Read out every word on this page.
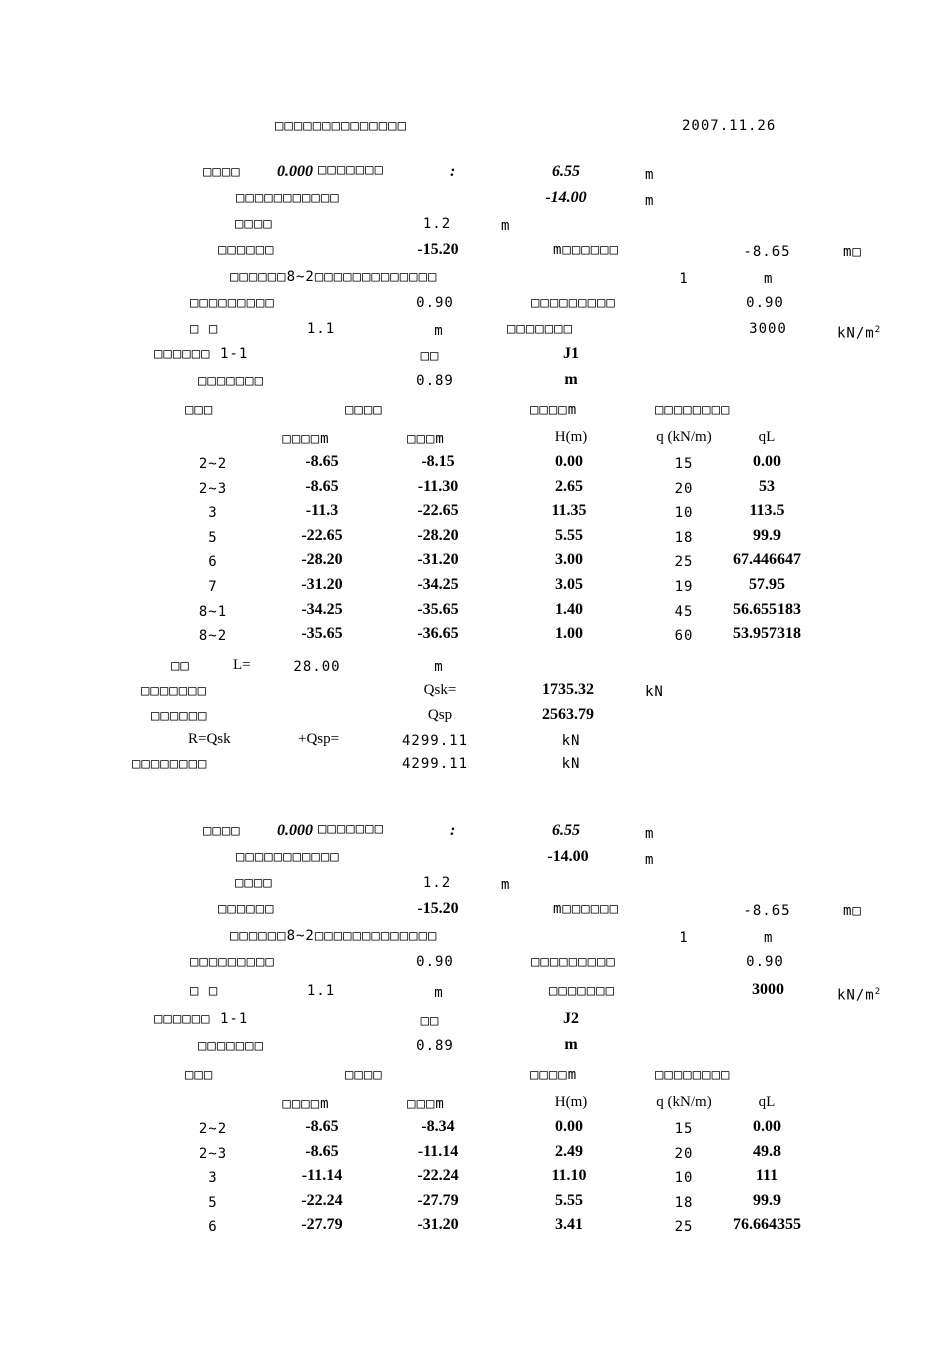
□□□□□□□□□□□□□□	2007.11.26
□□□□ 0.000 □□□□□□□	:	6.55	m
□□□□□□□□□□□	-14.00	m
□□□□	1.2	m
□□□□□□	-15.20	m□□□□□□	-8.65	m□
□□□□□□8~2□□□□□□□□□□□□□	1	m
□□□□□□□□□	0.90	□□□□□□□□□	0.90
□ □	1.1	m	□□□□□□□	3000	$kN/m^2$
□□□□□□ 1-1	□□	J1
□□□□□□□	0.89	m
□□□	□□□□	□□□□m	□□□□□□□□
□□□□m	□□□m	H(m)	q (kN/m)	qL
2~2	-8.65	-8.15	0.00	15	0.00
2~3	-8.65	-11.30	2.65	20	53
3	-11.3	-22.65	11.35	10	113.5
5	-22.65	-28.20	5.55	18	99.9
6	-28.20	-31.20	3.00	25 67.446647
7	-31.20	-34.25	3.05	19	57.95
8~1	-34.25	-35.65	1.40	45 56.655183
8~2	-35.65	-36.65	1.00	60 53.957318
□□	L=	28.00	m
□□□□□□□	Qsk=	1735.32	kN
□□□□□□	Qsp	2563.79
R=Qsk	+Qsp=	4299.11	kN
□□□□□□□□	4299.11	kN
□□□□ 0.000 □□□□□□□	:	6.55	m
□□□□□□□□□□□	-14.00	m
□□□□	1.2	m
□□□□□□	-15.20	m□□□□□□	-8.65	m□
□□□□□□8~2□□□□□□□□□□□□□	1	m
□□□□□□□□□	0.90	□□□□□□□□□	0.90
□ □	1.1	m	□□□□□□□	3000	$kN/m^2$
□□□□□□ 1-1	□□	J2
□□□□□□□	0.89	m
□□□	□□□□	□□□□m	□□□□□□□□
□□□□m	□□□m	H(m)	q (kN/m)	qL
2~2	-8.65	-8.34	0.00	15	0.00
2~3	-8.65	-11.14	2.49	20	49.8
3	-11.14	-22.24	11.10	10	111
5	-22.24	-27.79	5.55	18	99.9
6	-27.79	-31.20	3.41	25 76.664355
